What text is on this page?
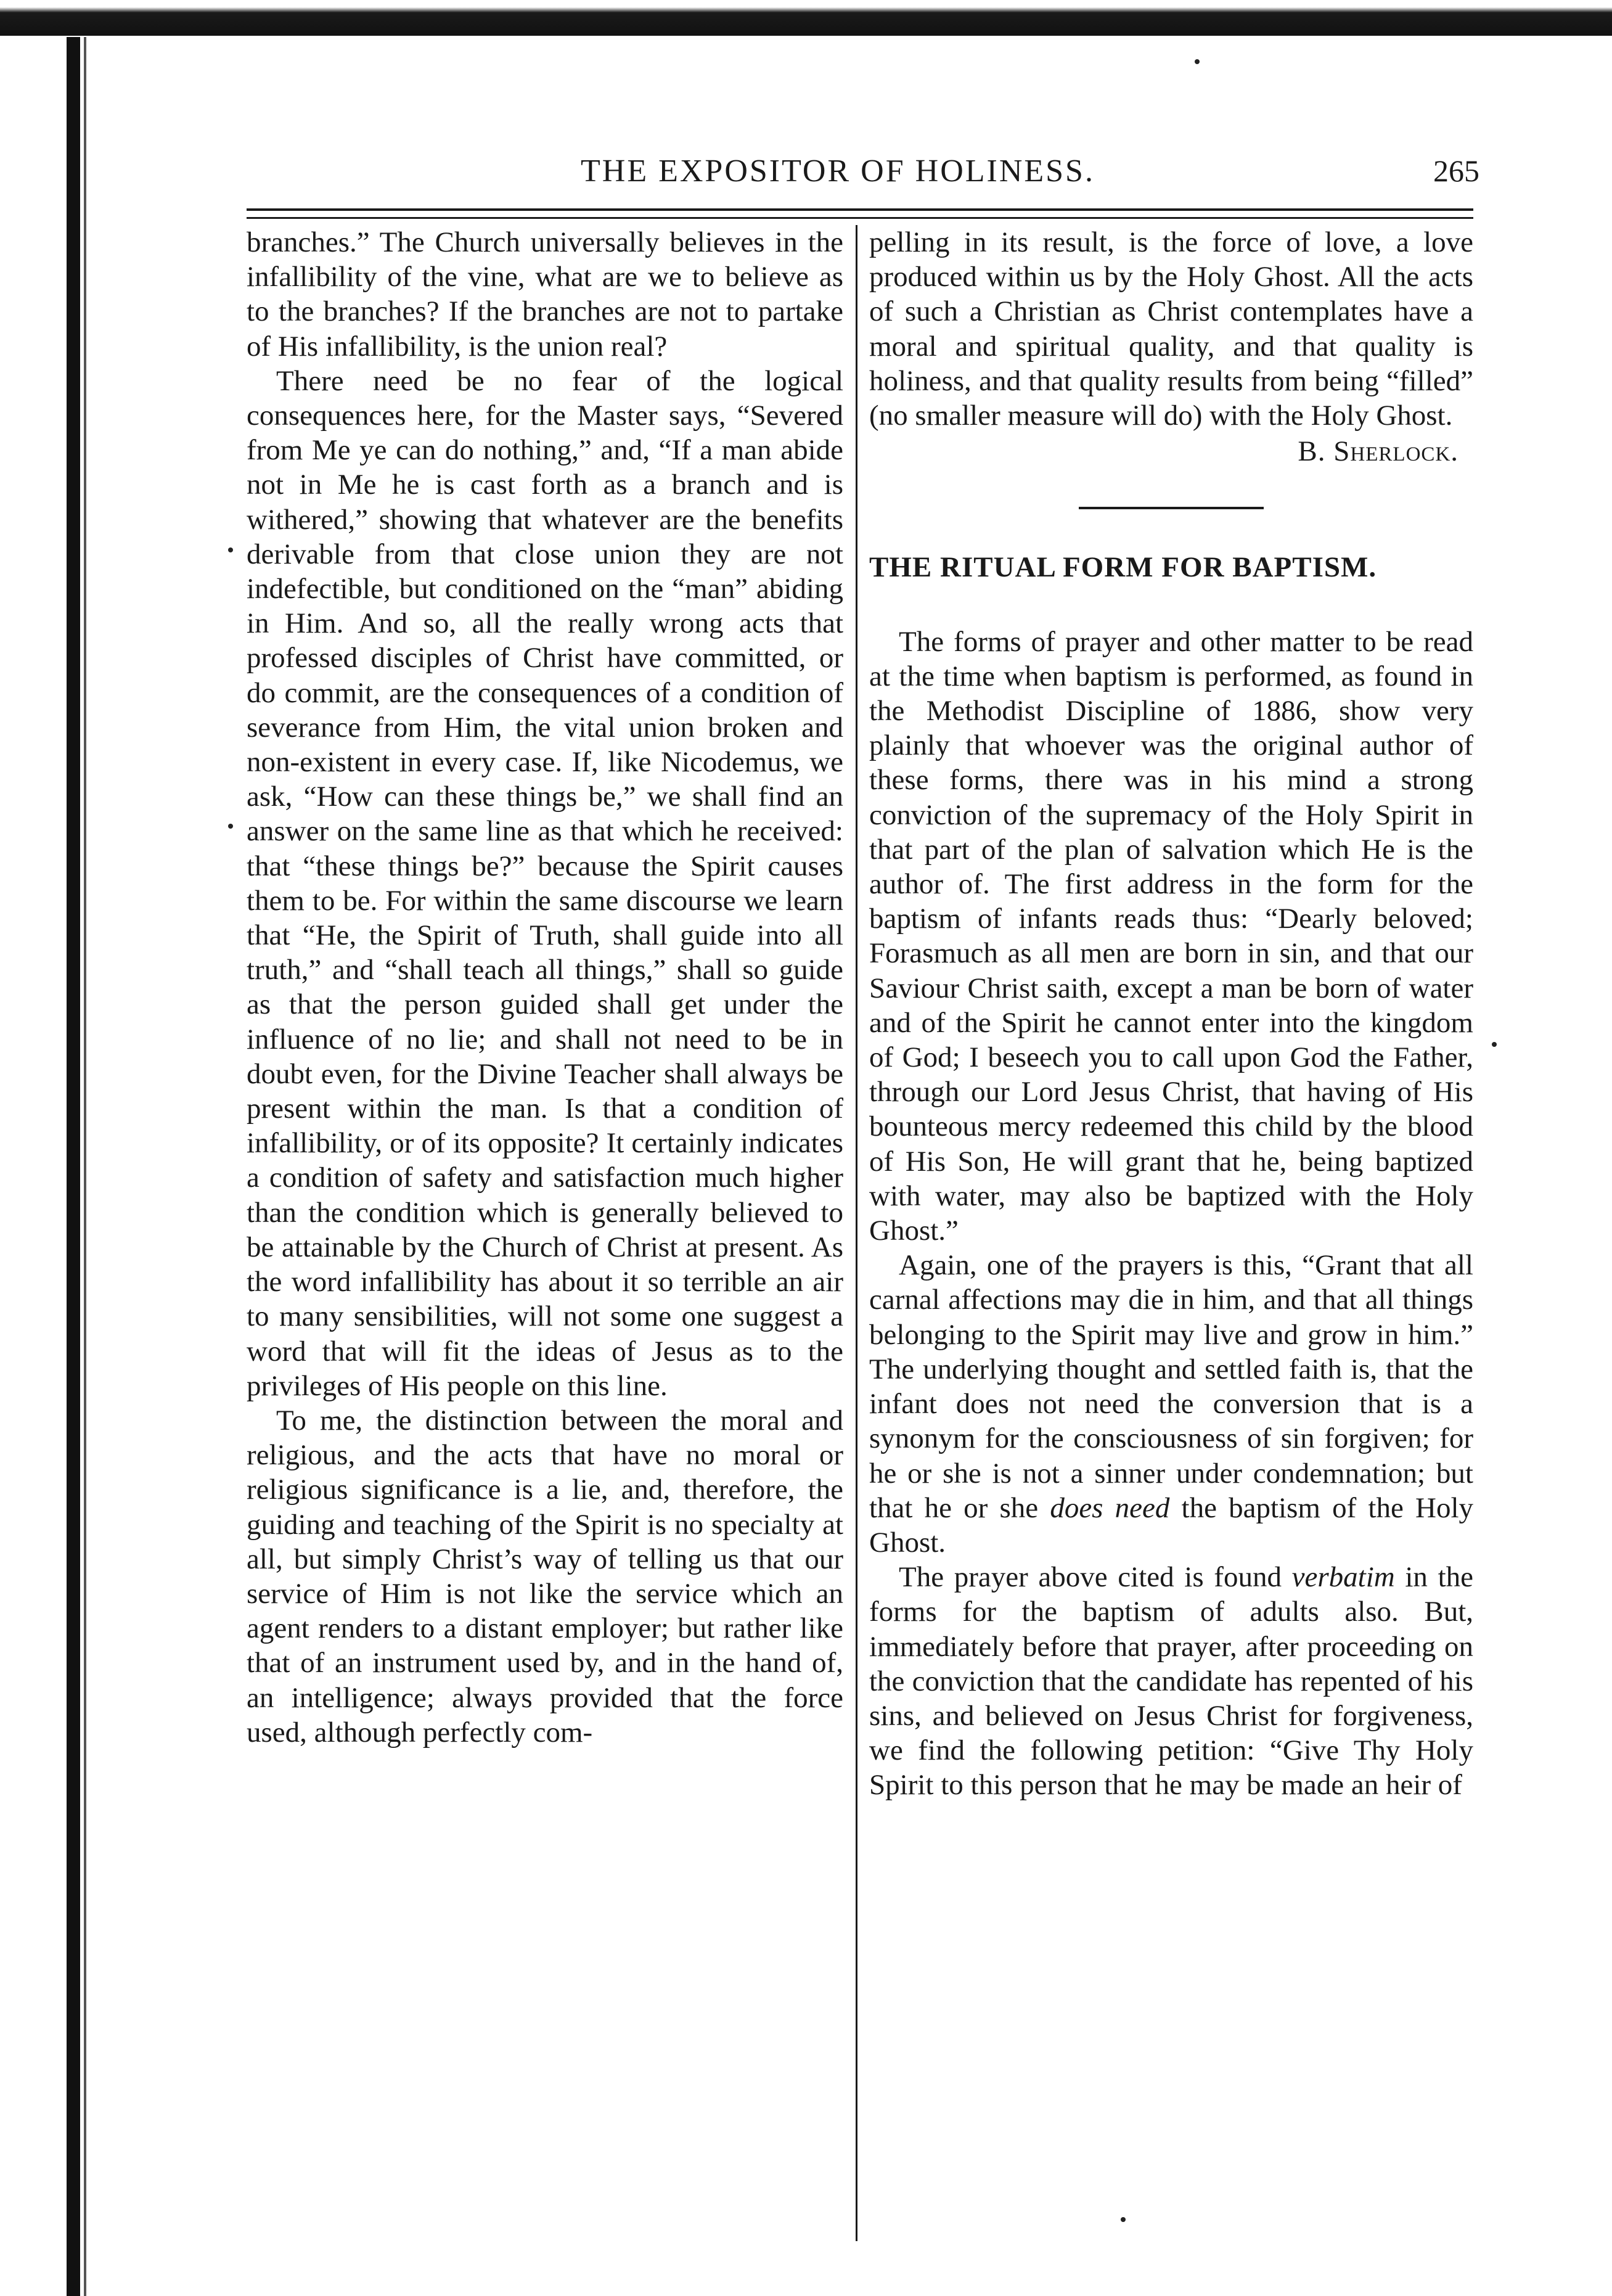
THE EXPOSITOR OF HOLINESS.	265

branches.” The Church universally believes in the infallibility of the vine, what are we to believe as to the branches? If the branches are not to partake of His infallibility, is the union real?

There need be no fear of the logical consequences here, for the Master says, “Severed from Me ye can do nothing,” and, “If a man abide not in Me he is cast forth as a branch and is withered,” showing that whatever are the benefits derivable from that close union they are not indefectible, but conditioned on the “man” abiding in Him. And so, all the really wrong acts that professed disciples of Christ have committed, or do commit, are the consequences of a condition of severance from Him, the vital union broken and non-existent in every case. If, like Nicodemus, we ask, “How can these things be,” we shall find an answer on the same line as that which he received: that “these things be?” because the Spirit causes them to be. For within the same discourse we learn that “He, the Spirit of Truth, shall guide into all truth,” and “shall teach all things,” shall so guide as that the person guided shall get under the influence of no lie; and shall not need to be in doubt even, for the Divine Teacher shall always be present within the man. Is that a condition of infallibility, or of its opposite? It certainly indicates a condition of safety and satisfaction much higher than the condition which is generally believed to be attainable by the Church of Christ at present. As the word infallibility has about it so terrible an air to many sensibilities, will not some one suggest a word that will fit the ideas of Jesus as to the privileges of His people on this line.

To me, the distinction between the moral and religious, and the acts that have no moral or religious significance is a lie, and, therefore, the guiding and teaching of the Spirit is no specialty at all, but simply Christ’s way of telling us that our service of Him is not like the service which an agent renders to a distant employer; but rather like that of an instrument used by, and in the hand of, an intelligence; always provided that the force used, although perfectly com-

pelling in its result, is the force of love, a love produced within us by the Holy Ghost. All the acts of such a Christian as Christ contemplates have a moral and spiritual quality, and that quality is holiness, and that quality results from being “filled” (no smaller measure will do) with the Holy Ghost.

B. Sherlock.

THE RITUAL FORM FOR BAPTISM.

The forms of prayer and other matter to be read at the time when baptism is performed, as found in the Methodist Discipline of 1886, show very plainly that whoever was the original author of these forms, there was in his mind a strong conviction of the supremacy of the Holy Spirit in that part of the plan of salvation which He is the author of. The first address in the form for the baptism of infants reads thus: “Dearly beloved; Forasmuch as all men are born in sin, and that our Saviour Christ saith, except a man be born of water and of the Spirit he cannot enter into the kingdom of God; I beseech you to call upon God the Father, through our Lord Jesus Christ, that having of His bounteous mercy redeemed this child by the blood of His Son, He will grant that he, being baptized with water, may also be baptized with the Holy Ghost.”

Again, one of the prayers is this, “Grant that all carnal affections may die in him, and that all things belonging to the Spirit may live and grow in him.” The underlying thought and settled faith is, that the infant does not need the conversion that is a synonym for the consciousness of sin forgiven; for he or she is not a sinner under condemnation; but that he or she does need the baptism of the Holy Ghost.

The prayer above cited is found verbatim in the forms for the baptism of adults also. But, immediately before that prayer, after proceeding on the conviction that the candidate has repented of his sins, and believed on Jesus Christ for forgiveness, we find the following petition: “Give Thy Holy Spirit to this person that he may be made an heir of
